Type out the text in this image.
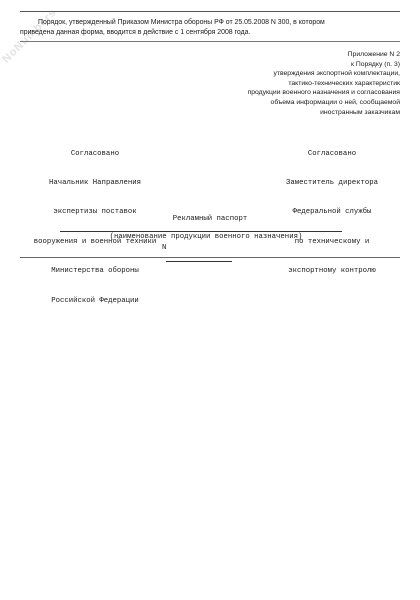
NoNumbers
Порядок, утвержденный Приказом Министра обороны РФ от 25.05.2008 N 300, в котором
приведена данная форма, вводится в действие с 1 сентября 2008 года.
Приложение N 2
к Порядку (п. 3)
утверждения экспортной комплектации,
тактико-технических характеристик
продукции военного назначения и согласования
объема информации о ней, сообщаемой
иностранным заказчикам

Согласовано

Начальник Направления

экспертизы поставок

вооружения и военной техники

Министерства обороны

Российской Федерации

Согласовано

Заместитель директора

Федеральной службы

по техническому и

экспортному контролю

Рекламный паспорт

N

(наименование продукции военного назначения)
